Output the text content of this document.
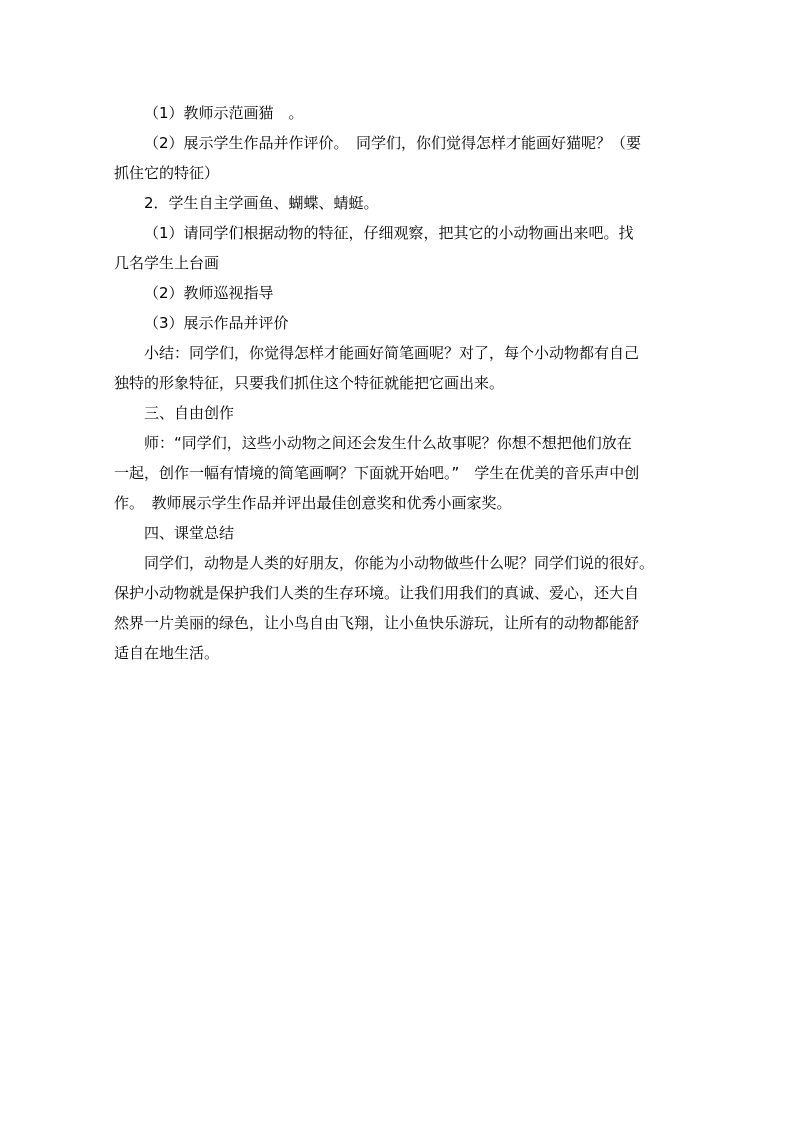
（1）教师示范画猫　。
（2）展示学生作品并作评价。　同学们，你们觉得怎样才能画好猫呢？（要
抓住它的特征）
2．学生自主学画鱼、蝴蝶、蜻蜓。
（1）请同学们根据动物的特征，仔细观察，把其它的小动物画出来吧。找
几名学生上台画
（2）教师巡视指导
（3）展示作品并评价
小结：同学们，你觉得怎样才能画好简笔画呢？对了，每个小动物都有自己
独特的形象特征，只要我们抓住这个特征就能把它画出来。
三、自由创作
师：“同学们，这些小动物之间还会发生什么故事呢？你想不想把他们放在
一起，创作一幅有情境的简笔画啊？下面就开始吧。”　学生在优美的音乐声中创
作。　教师展示学生作品并评出最佳创意奖和优秀小画家奖。
四、课堂总结
同学们，动物是人类的好朋友，你能为小动物做些什么呢？同学们说的很好。
保护小动物就是保护我们人类的生存环境。让我们用我们的真诚、爱心，还大自
然界一片美丽的绿色，让小鸟自由飞翔，让小鱼快乐游玩，让所有的动物都能舒
适自在地生活。
